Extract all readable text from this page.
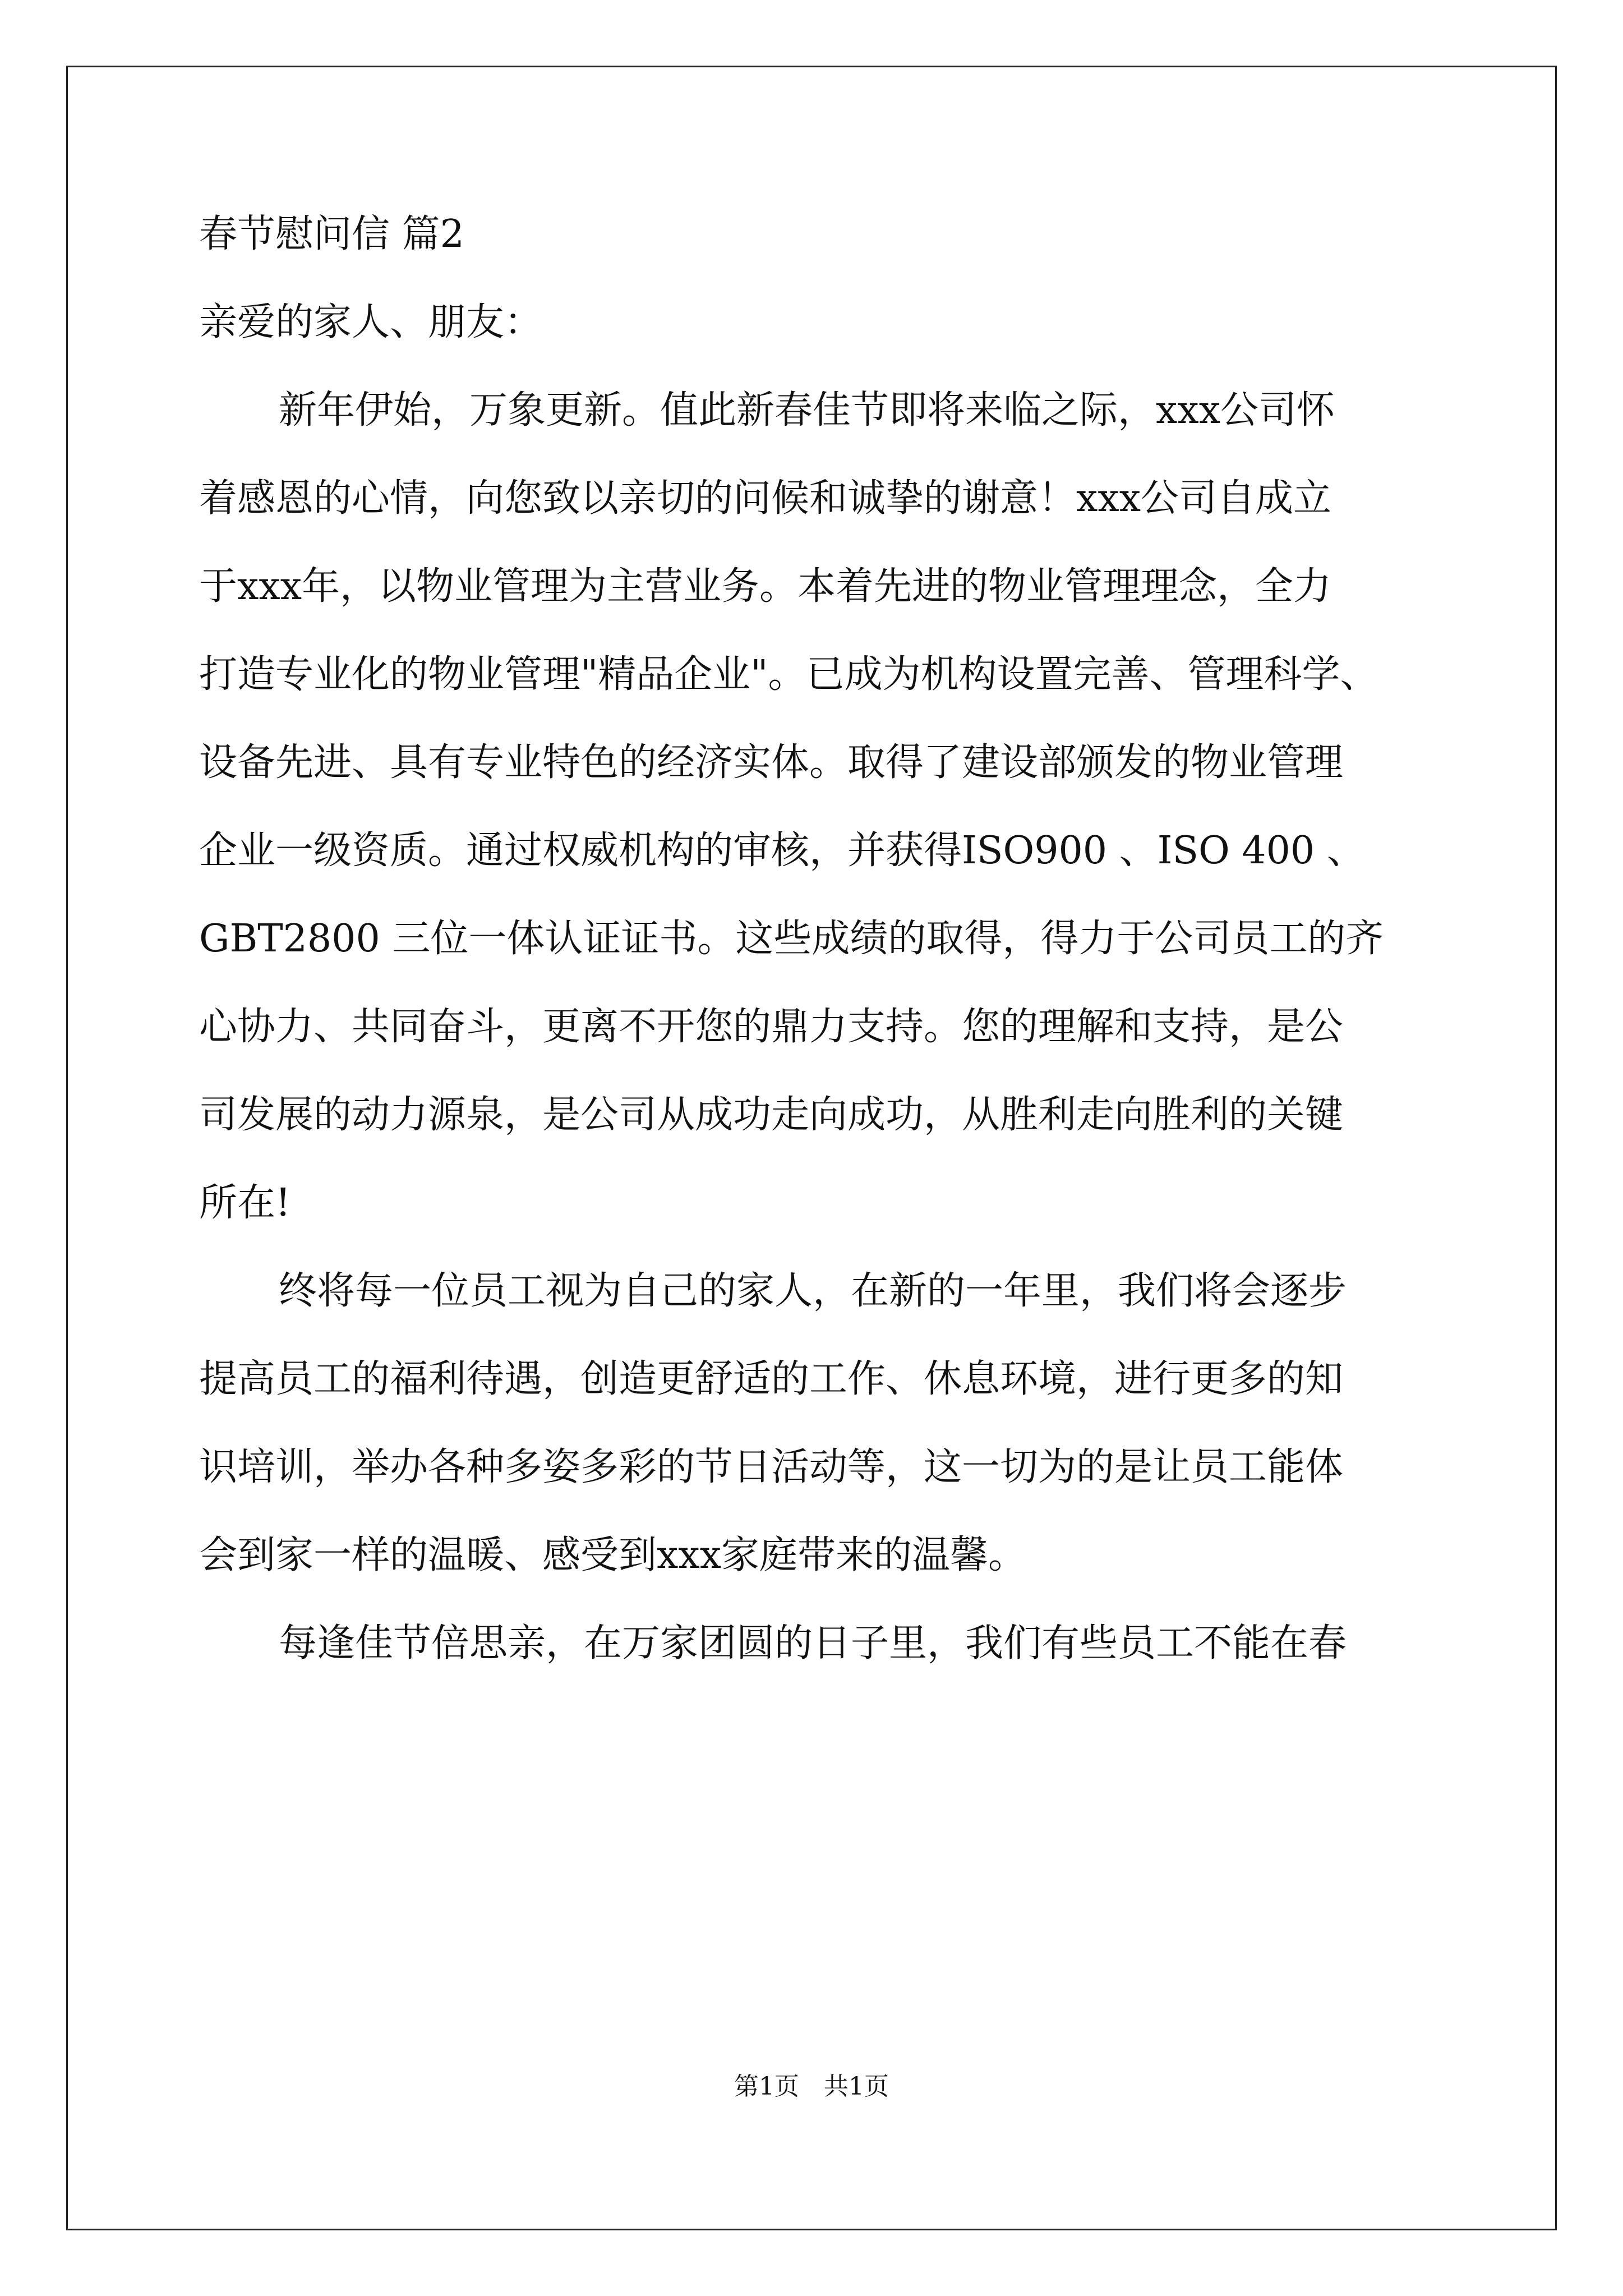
春节慰问信 篇2
亲爱的家人、朋友：
新年伊始，万象更新。值此新春佳节即将来临之际，xxx公司怀
着感恩的心情，向您致以亲切的问候和诚挚的谢意！xxx公司自成立
于xxx年，以物业管理为主营业务。本着先进的物业管理理念，全力
打造专业化的物业管理"精品企业"。已成为机构设置完善、管理科学、
设备先进、具有专业特色的经济实体。取得了建设部颁发的物业管理
企业一级资质。通过权威机构的审核，并获得ISO900 、ISO 400 、
GBT2800 三位一体认证证书。这些成绩的取得，得力于公司员工的齐
心协力、共同奋斗，更离不开您的鼎力支持。您的理解和支持，是公
司发展的动力源泉，是公司从成功走向成功，从胜利走向胜利的关键
所在!
终将每一位员工视为自己的家人，在新的一年里，我们将会逐步
提高员工的福利待遇，创造更舒适的工作、休息环境，进行更多的知
识培训，举办各种多姿多彩的节日活动等，这一切为的是让员工能体
会到家一样的温暖、感受到xxx家庭带来的温馨。
每逢佳节倍思亲，在万家团圆的日子里，我们有些员工不能在春
第1页　共1页
